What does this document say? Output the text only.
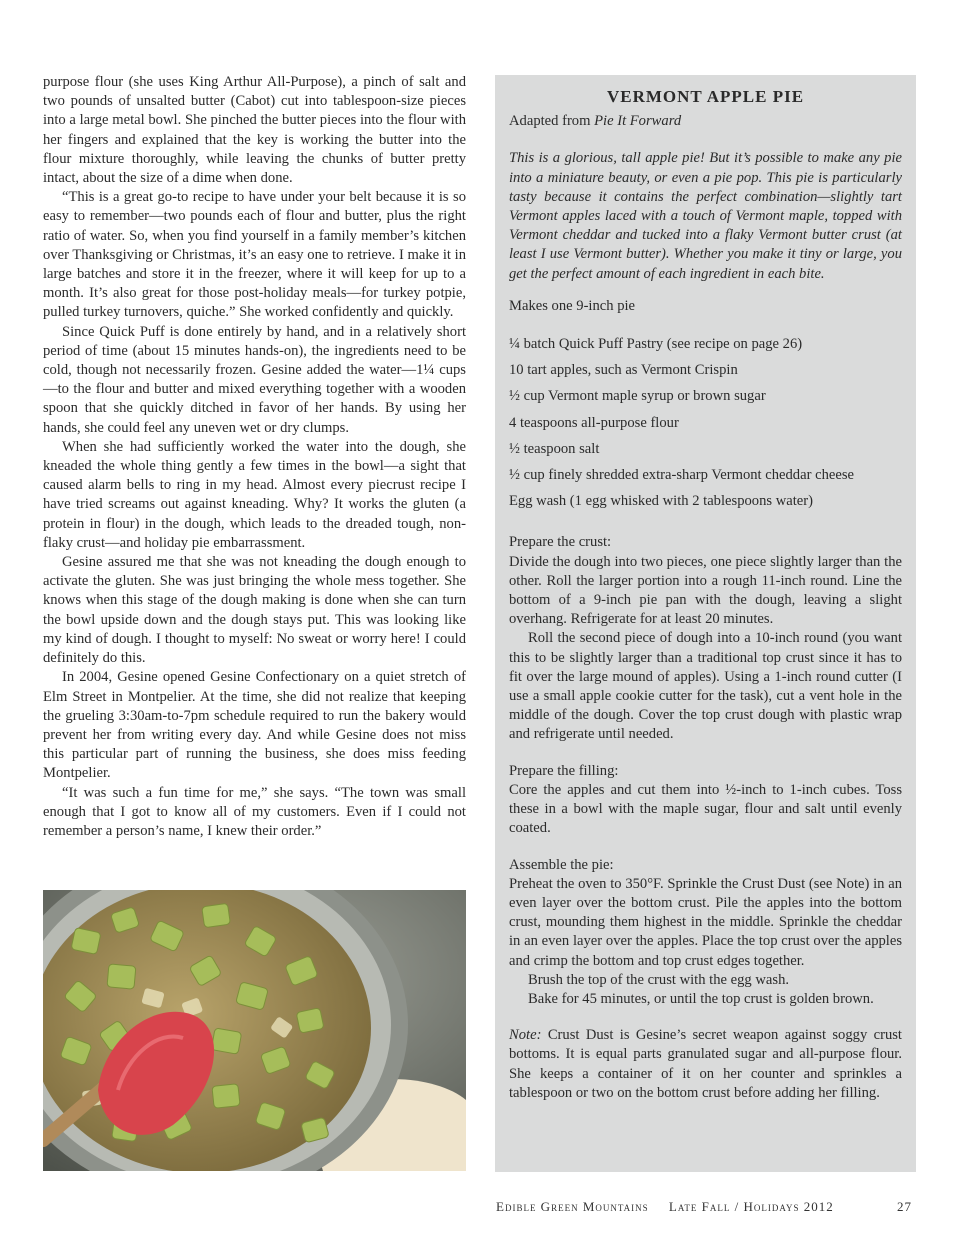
purpose flour (she uses King Arthur All-Purpose), a pinch of salt and two pounds of unsalted butter (Cabot) cut into tablespoon-size pieces into a large metal bowl. She pinched the butter pieces into the flour with her fingers and explained that the key is working the butter into the flour mixture thoroughly, while leaving the chunks of butter pretty intact, about the size of a dime when done.

“This is a great go-to recipe to have under your belt because it is so easy to remember—two pounds each of flour and butter, plus the right ratio of water. So, when you find yourself in a family member’s kitchen over Thanksgiving or Christmas, it’s an easy one to retrieve. I make it in large batches and store it in the freezer, where it will keep for up to a month. It’s also great for those post-holiday meals—for turkey potpie, pulled turkey turnovers, quiche.” She worked confidently and quickly.

Since Quick Puff is done entirely by hand, and in a relatively short period of time (about 15 minutes hands-on), the ingredients need to be cold, though not necessarily frozen. Gesine added the water—1¼ cups—to the flour and butter and mixed everything together with a wooden spoon that she quickly ditched in favor of her hands. By using her hands, she could feel any uneven wet or dry clumps.

When she had sufficiently worked the water into the dough, she kneaded the whole thing gently a few times in the bowl—a sight that caused alarm bells to ring in my head. Almost every piecrust recipe I have tried screams out against kneading. Why? It works the gluten (a protein in flour) in the dough, which leads to the dreaded tough, non-flaky crust—and holiday pie embarrassment.

Gesine assured me that she was not kneading the dough enough to activate the gluten. She was just bringing the whole mess together. She knows when this stage of the dough making is done when she can turn the bowl upside down and the dough stays put. This was looking like my kind of dough. I thought to myself: No sweat or worry here! I could definitely do this.

In 2004, Gesine opened Gesine Confectionary on a quiet stretch of Elm Street in Montpelier. At the time, she did not realize that keeping the grueling 3:30am-to-7pm schedule required to run the bakery would prevent her from writing every day. And while Gesine does not miss this particular part of running the business, she does miss feeding Montpelier.

“It was such a fun time for me,” she says. “The town was small enough that I got to know all of my customers. Even if I could not remember a person’s name, I knew their order.”

VERMONT APPLE PIE
Adapted from Pie It Forward
This is a glorious, tall apple pie! But it’s possible to make any pie into a miniature beauty, or even a pie pop. This pie is particularly tasty because it contains the perfect combination—slightly tart Vermont apples laced with a touch of Vermont maple, topped with Vermont cheddar and tucked into a flaky Vermont butter crust (at least I use Vermont butter). Whether you make it tiny or large, you get the perfect amount of each ingredient in each bite.
Makes one 9-inch pie
¼ batch Quick Puff Pastry (see recipe on page 26)
10 tart apples, such as Vermont Crispin
½ cup Vermont maple syrup or brown sugar
4 teaspoons all-purpose flour
½ teaspoon salt
½ cup finely shredded extra-sharp Vermont cheddar cheese
Egg wash (1 egg whisked with 2 tablespoons water)
Prepare the crust:
Divide the dough into two pieces, one piece slightly larger than the other. Roll the larger portion into a rough 11-inch round. Line the bottom of a 9-inch pie pan with the dough, leaving a slight overhang. Refrigerate for at least 20 minutes.
Roll the second piece of dough into a 10-inch round (you want this to be slightly larger than a traditional top crust since it has to fit over the large mound of apples). Using a 1-inch round cutter (I use a small apple cookie cutter for the task), cut a vent hole in the middle of the dough. Cover the top crust dough with plastic wrap and refrigerate until needed.
Prepare the filling:
Core the apples and cut them into ½-inch to 1-inch cubes. Toss these in a bowl with the maple sugar, flour and salt until evenly coated.
Assemble the pie:
Preheat the oven to 350°F. Sprinkle the Crust Dust (see Note) in an even layer over the bottom crust. Pile the apples into the bottom crust, mounding them highest in the middle. Sprinkle the cheddar in an even layer over the apples. Place the top crust over the apples and crimp the bottom and top crust edges together.
Brush the top of the crust with the egg wash.
Bake for 45 minutes, or until the top crust is golden brown.
Note: Crust Dust is Gesine’s secret weapon against soggy crust bottoms. It is equal parts granulated sugar and all-purpose flour. She keeps a container of it on her counter and sprinkles a tablespoon or two on the bottom crust before adding her filling.
Edible Green Mountains Late Fall / Holidays 2012	27
